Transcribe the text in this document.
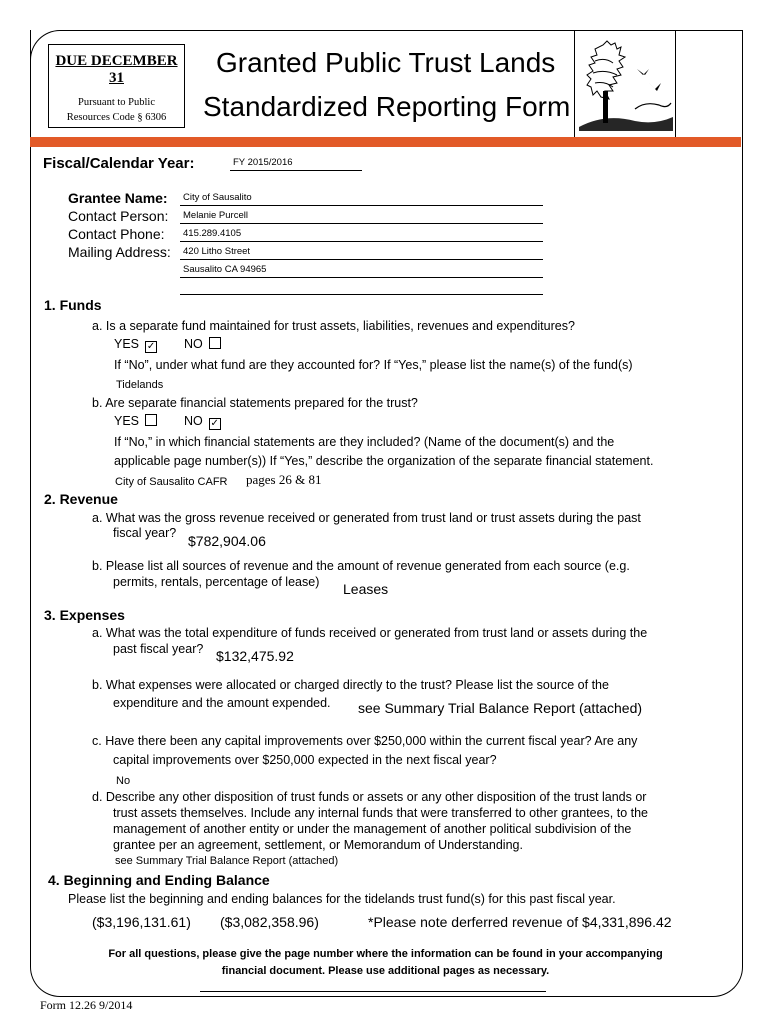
DUE DECEMBER 31
Pursuant to Public
Resources Code § 6306
Granted Public Trust Lands
Standardized Reporting Form
Fiscal/Calendar Year:	FY 2015/2016
Grantee Name: City of Sausalito
Contact Person: Melanie Purcell
Contact Phone: 415.289.4105
Mailing Address: 420 Litho Street
Sausalito CA 94965
1. Funds
a. Is a separate fund maintained for trust assets, liabilities, revenues and expenditures?
YES ✓ NO
If “No”, under what fund are they accounted for? If “Yes,” please list the name(s) of the fund(s)
Tidelands
b. Are separate financial statements prepared for the trust?
YES	NO ✓
If “No,” in which financial statements are they included? (Name of the document(s) and the
applicable page number(s)) If “Yes,” describe the organization of the separate financial statement.
City of Sausalito CAFR pages 26 & 81
2. Revenue
a. What was the gross revenue received or generated from trust land or trust assets during the past
fiscal year? $782,904.06
b. Please list all sources of revenue and the amount of revenue generated from each source (e.g.
permits, rentals, percentage of lease) Leases
3. Expenses
a. What was the total expenditure of funds received or generated from trust land or assets during the
past fiscal year? $132,475.92
b. What expenses were allocated or charged directly to the trust? Please list the source of the
expenditure and the amount expended. see Summary Trial Balance Report (attached)
c. Have there been any capital improvements over $250,000 within the current fiscal year? Are any
capital improvements over $250,000 expected in the next fiscal year?
No
d. Describe any other disposition of trust funds or assets or any other disposition of the trust lands or
trust assets themselves. Include any internal funds that were transferred to other grantees, to the
management of another entity or under the management of another political subdivision of the
grantee per an agreement, settlement, or Memorandum of Understanding.
see Summary Trial Balance Report (attached)
4. Beginning and Ending Balance
Please list the beginning and ending balances for the tidelands trust fund(s) for this past fiscal year.
($3,196,131.61) ($3,082,358.96)	*Please note derferred revenue of $4,331,896.42
For all questions, please give the page number where the information can be found in your accompanying
financial document. Please use additional pages as necessary.
Form 12.26 9/2014
